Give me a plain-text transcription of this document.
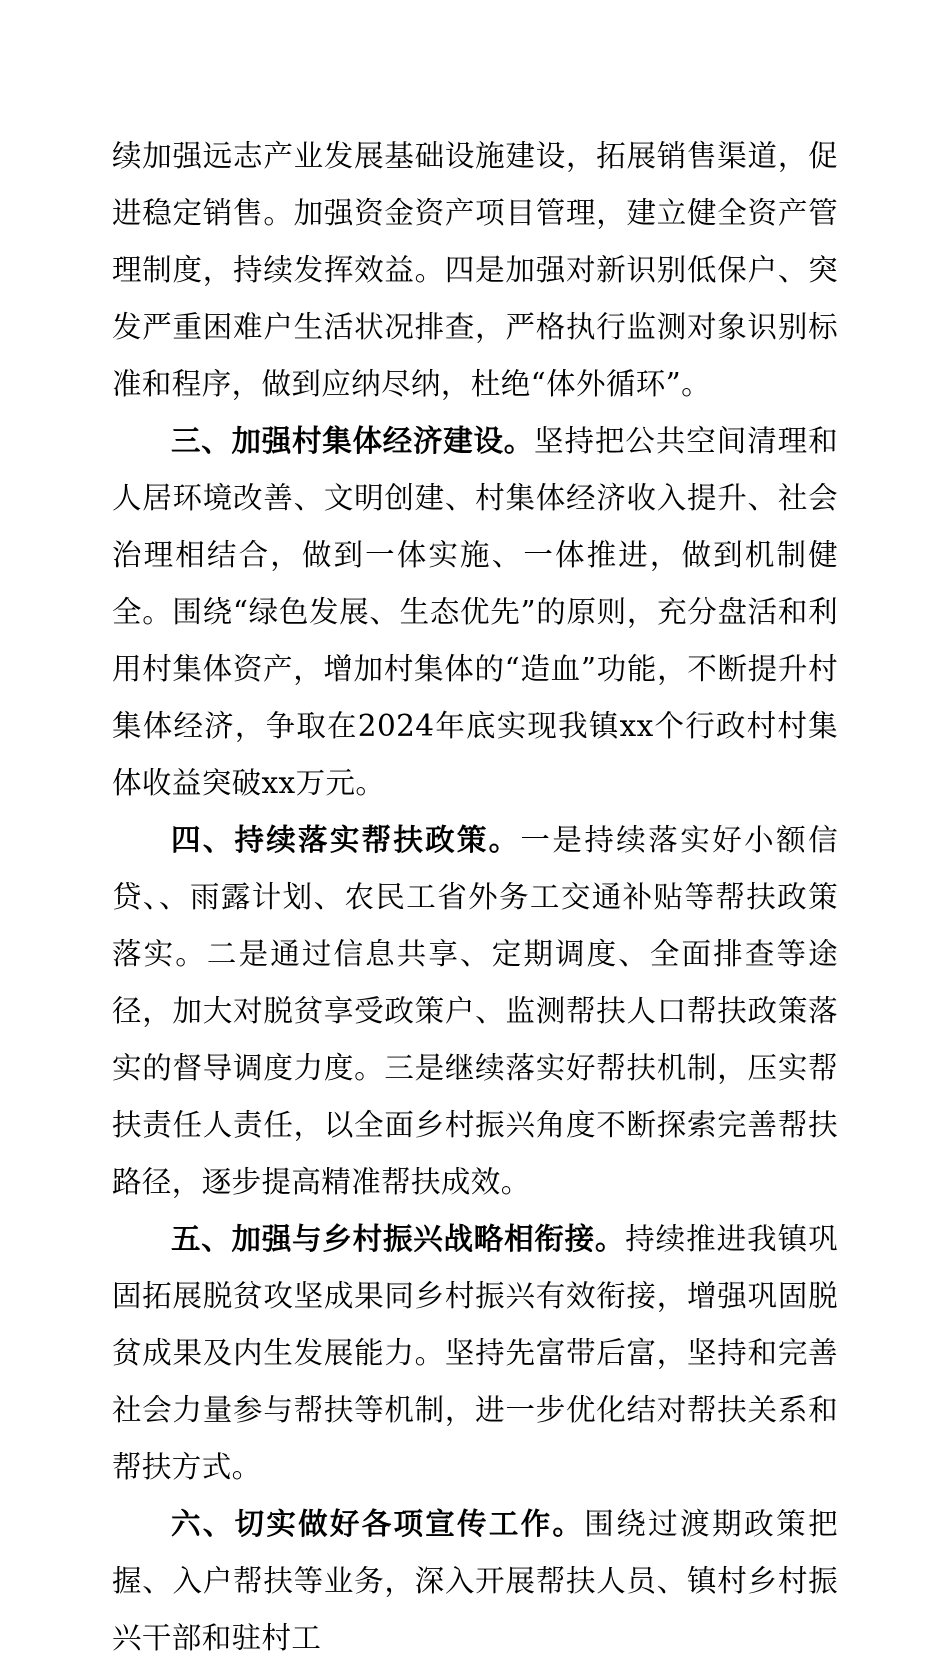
续加强远志产业发展基础设施建设，拓展销售渠道，促进稳定销售。加强资金资产项目管理，建立健全资产管理制度，持续发挥效益。四是加强对新识别低保户、突发严重困难户生活状况排查，严格执行监测对象识别标准和程序，做到应纳尽纳，杜绝“体外循环”。

三、加强村集体经济建设。坚持把公共空间清理和人居环境改善、文明创建、村集体经济收入提升、社会治理相结合，做到一体实施、一体推进，做到机制健全。围绕“绿色发展、生态优先”的原则，充分盘活和利用村集体资产，增加村集体的“造血”功能，不断提升村集体经济，争取在2024年底实现我镇xx个行政村村集体收益突破xx万元。

四、持续落实帮扶政策。一是持续落实好小额信贷、、雨露计划、农民工省外务工交通补贴等帮扶政策落实。二是通过信息共享、定期调度、全面排查等途径，加大对脱贫享受政策户、监测帮扶人口帮扶政策落实的督导调度力度。三是继续落实好帮扶机制，压实帮扶责任人责任，以全面乡村振兴角度不断探索完善帮扶路径，逐步提高精准帮扶成效。

五、加强与乡村振兴战略相衔接。持续推进我镇巩固拓展脱贫攻坚成果同乡村振兴有效衔接，增强巩固脱贫成果及内生发展能力。坚持先富带后富，坚持和完善社会力量参与帮扶等机制，进一步优化结对帮扶关系和帮扶方式。

六、切实做好各项宣传工作。围绕过渡期政策把握、入户帮扶等业务，深入开展帮扶人员、镇村乡村振兴干部和驻村工
